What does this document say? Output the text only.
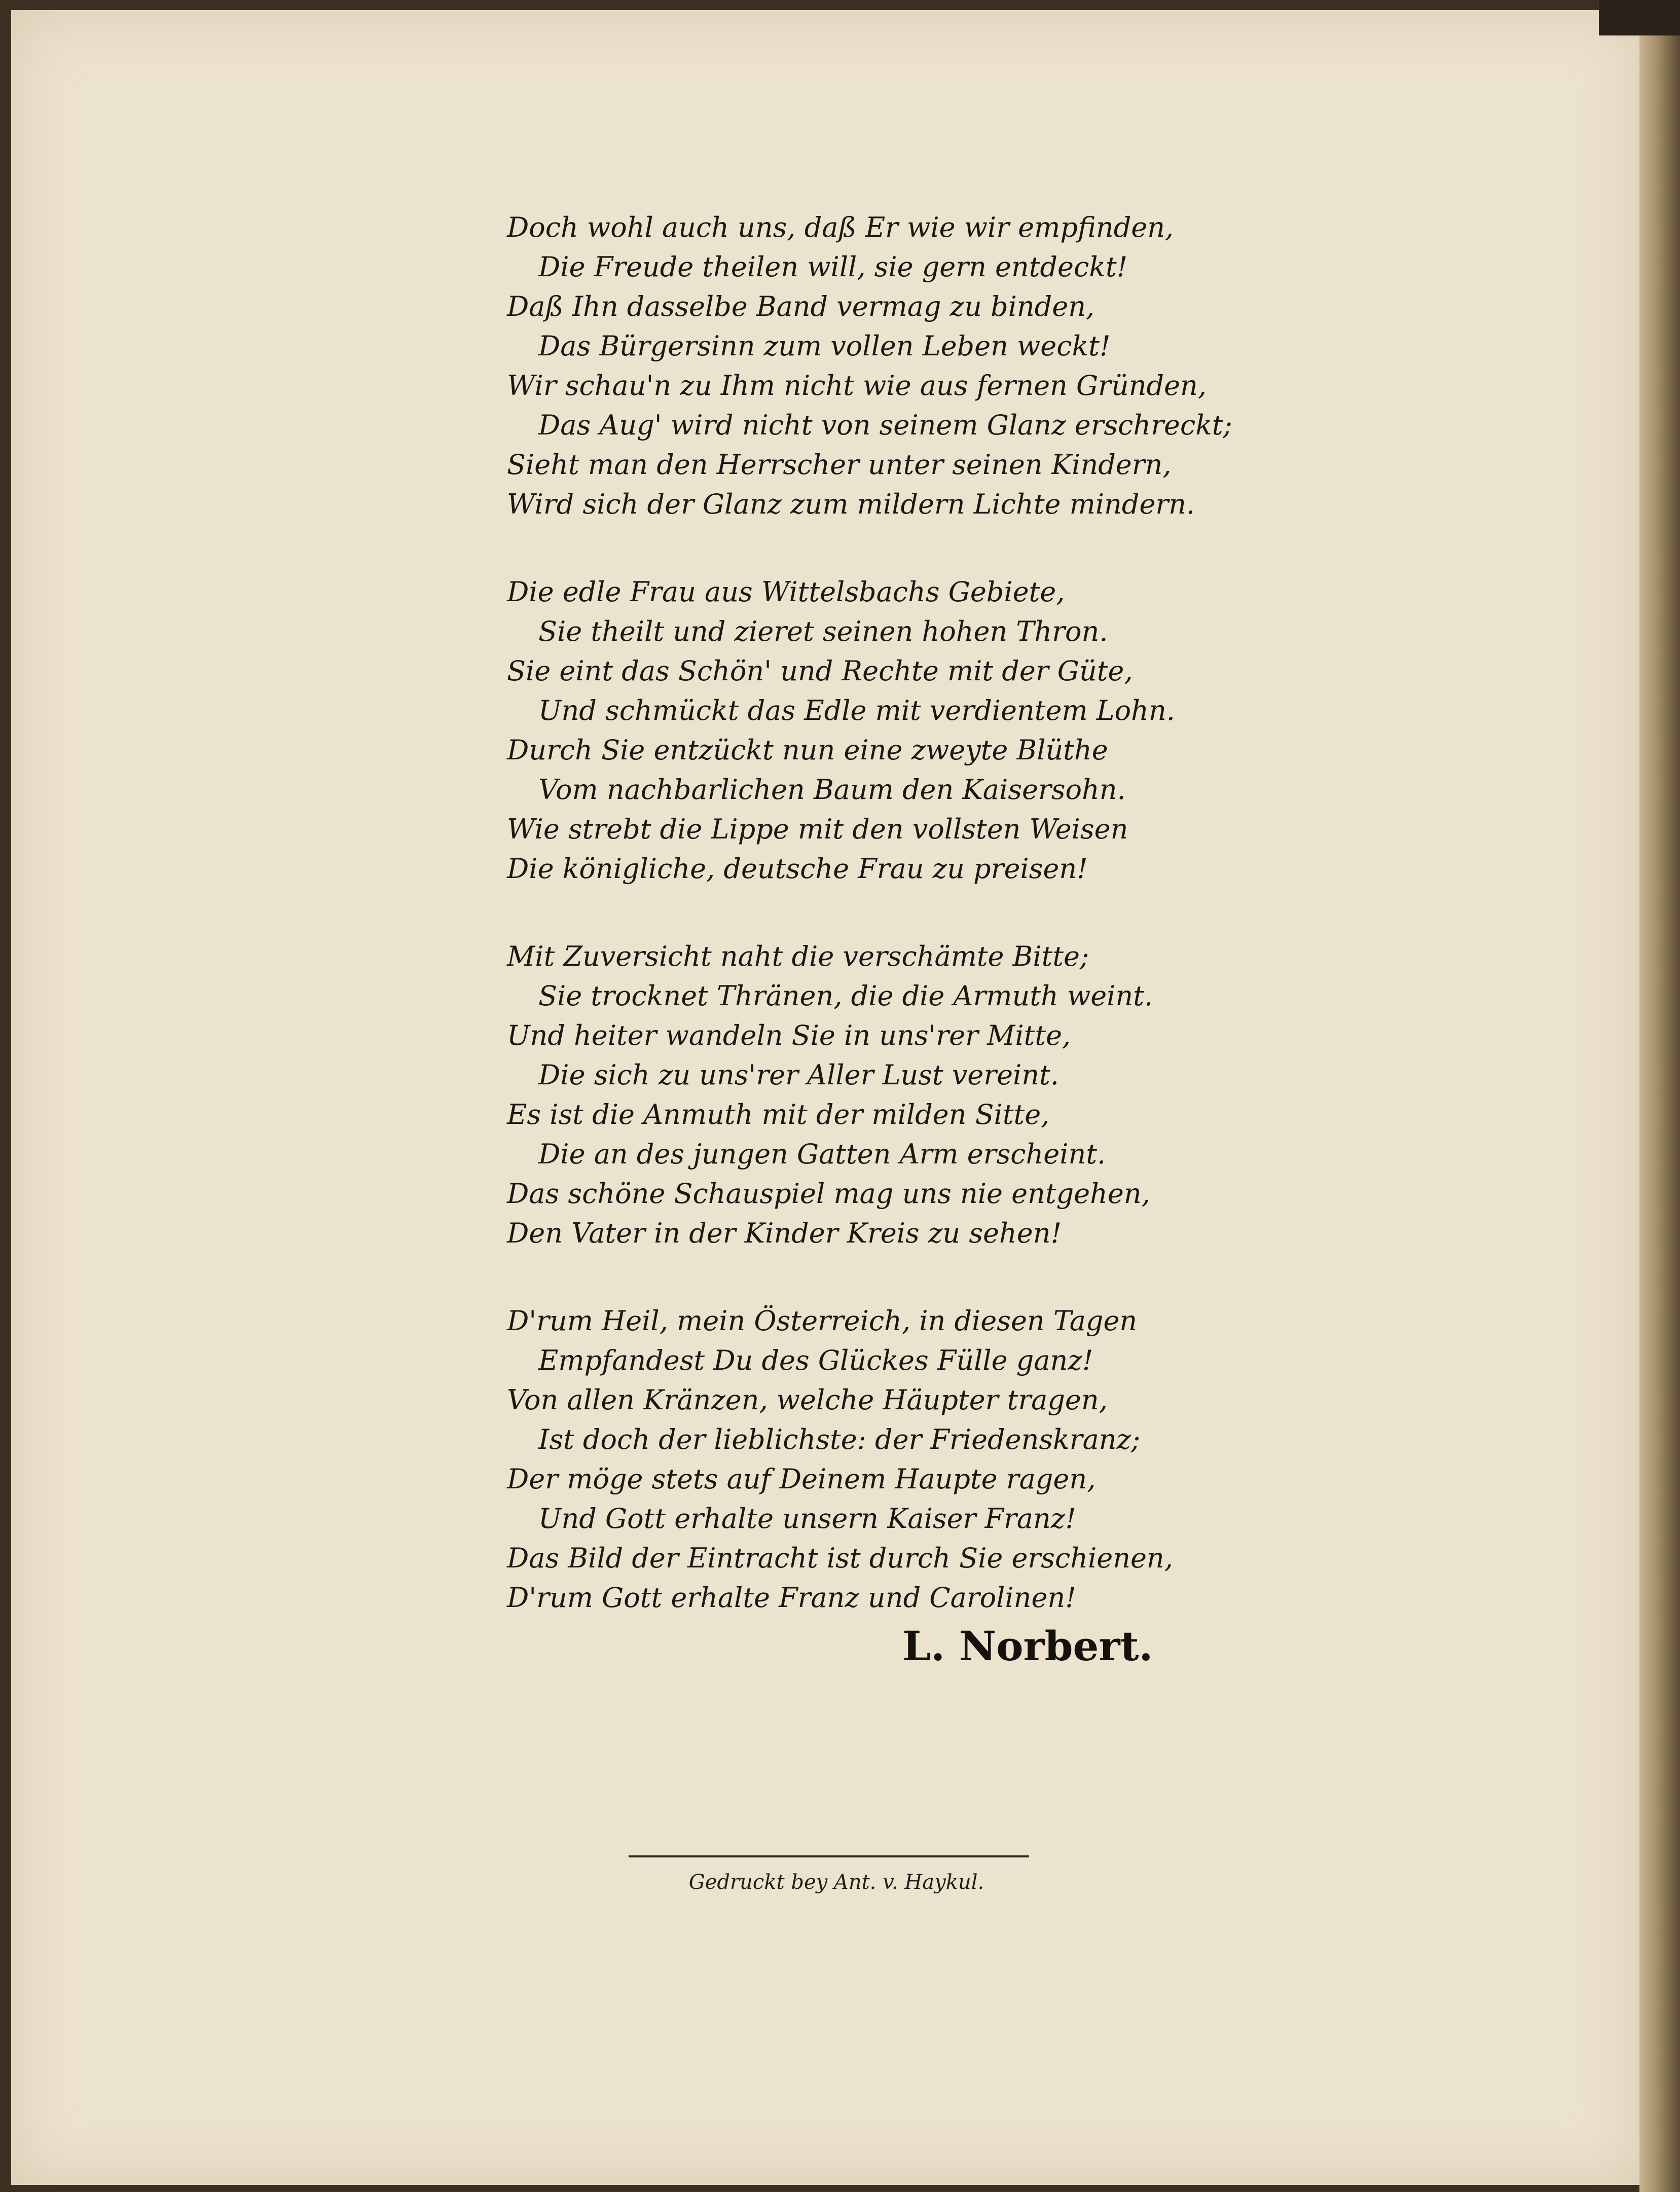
Doch wohl auch uns, daß Er wie wir empfinden,
Die Freude theilen will, sie gern entdeckt!
Daß Ihn dasselbe Band vermag zu binden,
Das Bürgersinn zum vollen Leben weckt!
Wir schau'n zu Ihm nicht wie aus fernen Gründen,
Das Aug' wird nicht von seinem Glanz erschreckt;
Sieht man den Herrscher unter seinen Kindern,
Wird sich der Glanz zum mildern Lichte mindern.
Die edle Frau aus Wittelsbachs Gebiete,
Sie theilt und zieret seinen hohen Thron.
Sie eint das Schön' und Rechte mit der Güte,
Und schmückt das Edle mit verdientem Lohn.
Durch Sie entzückt nun eine zweyte Blüthe
Vom nachbarlichen Baum den Kaisersohn.
Wie strebt die Lippe mit den vollsten Weisen
Die königliche, deutsche Frau zu preisen!
Mit Zuversicht naht die verschämte Bitte;
Sie trocknet Thränen, die die Armuth weint.
Und heiter wandeln Sie in uns'rer Mitte,
Die sich zu uns'rer Aller Lust vereint.
Es ist die Anmuth mit der milden Sitte,
Die an des jungen Gatten Arm erscheint.
Das schöne Schauspiel mag uns nie entgehen,
Den Vater in der Kinder Kreis zu sehen!
D'rum Heil, mein Österreich, in diesen Tagen
Empfandest Du des Glückes Fülle ganz!
Von allen Kränzen, welche Häupter tragen,
Ist doch der lieblichste: der Friedenskranz;
Der möge stets auf Deinem Haupte ragen,
Und Gott erhalte unsern Kaiser Franz!
Das Bild der Eintracht ist durch Sie erschienen,
D'rum Gott erhalte Franz und Carolinen!
L. Norbert.
Gedruckt bey Ant. v. Haykul.
